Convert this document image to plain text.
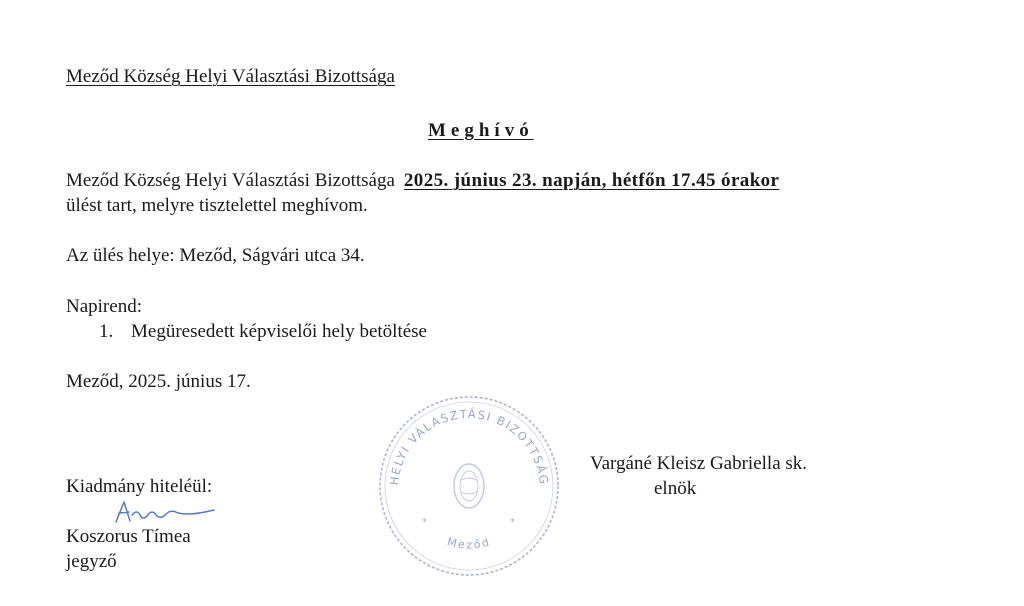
Meződ Község Helyi Választási Bizottsága
Meghívó
Meződ Község Helyi Választási Bizottsága 2025. június 23. napján, hétfőn 17.45 órakor
ülést tart, melyre tisztelettel meghívom.
Az ülés helye: Meződ, Ságvári utca 34.
Napirend:
1. Megüresedett képviselői hely betöltése
Meződ, 2025. június 17.
HELYI VÁLASZTÁSI BIZOTTSÁG
Meződ
*	*
Vargáné Kleisz Gabriella sk.
elnök
Kiadmány hiteléül:
Koszorus Tímea
jegyző
